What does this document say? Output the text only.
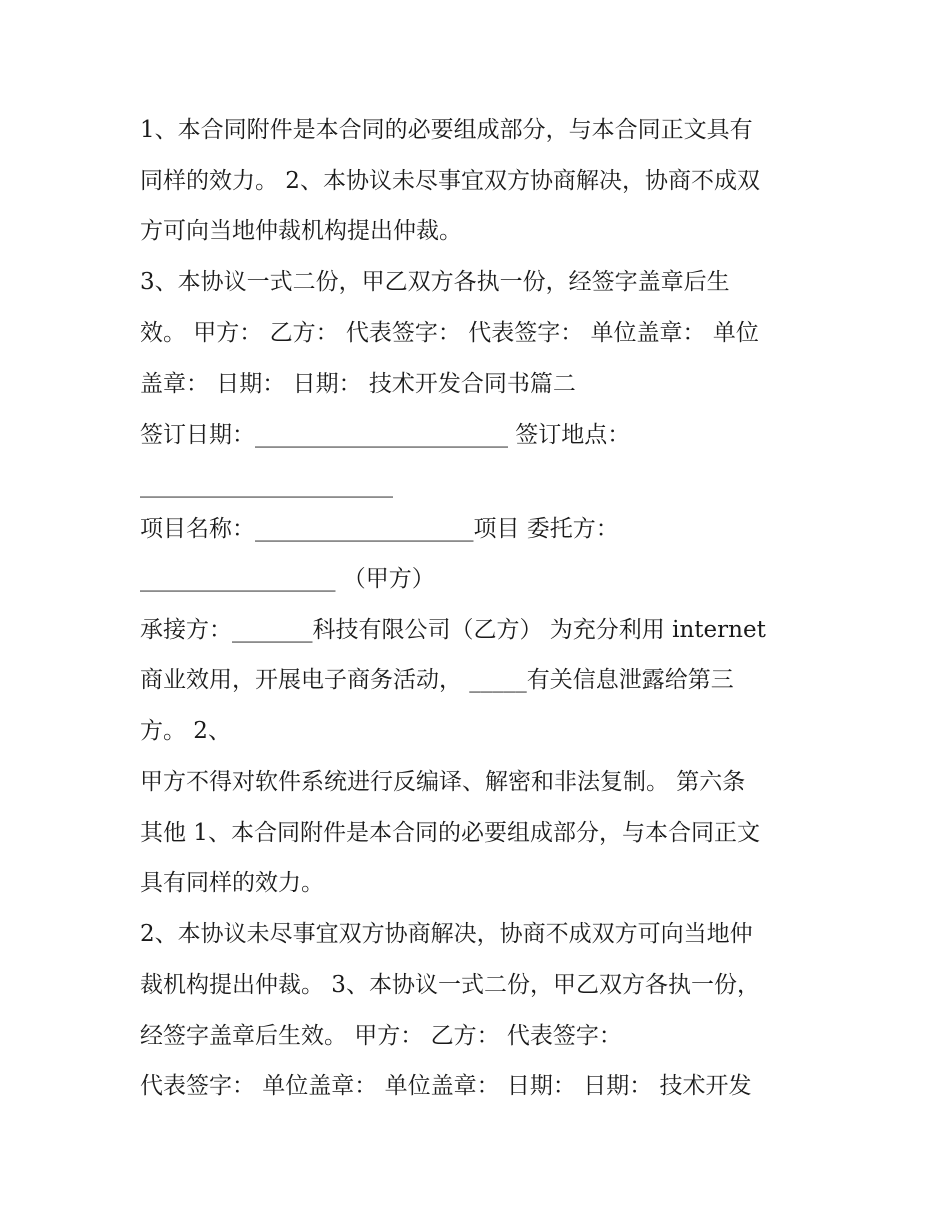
1、本合同附件是本合同的必要组成部分，与本合同正文具有

同样的效力。 2、本协议未尽事宜双方协商解决，协商不成双

方可向当地仲裁机构提出仲裁。

3、本协议一式二份，甲乙双方各执一份，经签字盖章后生

效。 甲方： 乙方： 代表签字： 代表签字： 单位盖章： 单位

盖章： 日期： 日期： 技术开发合同书篇二

签订日期：______________________ 签订地点：

______________________

项目名称：___________________项目 委托方：

_________________ （甲方）

承接方：_______科技有限公司（乙方） 为充分利用 internet

商业效用，开展电子商务活动， _____有关信息泄露给第三

方。 2、

甲方不得对软件系统进行反编译、解密和非法复制。 第六条

其他 1、本合同附件是本合同的必要组成部分，与本合同正文

具有同样的效力。

2、本协议未尽事宜双方协商解决，协商不成双方可向当地仲

裁机构提出仲裁。 3、本协议一式二份，甲乙双方各执一份，

经签字盖章后生效。 甲方： 乙方： 代表签字：

代表签字： 单位盖章： 单位盖章： 日期： 日期： 技术开发
